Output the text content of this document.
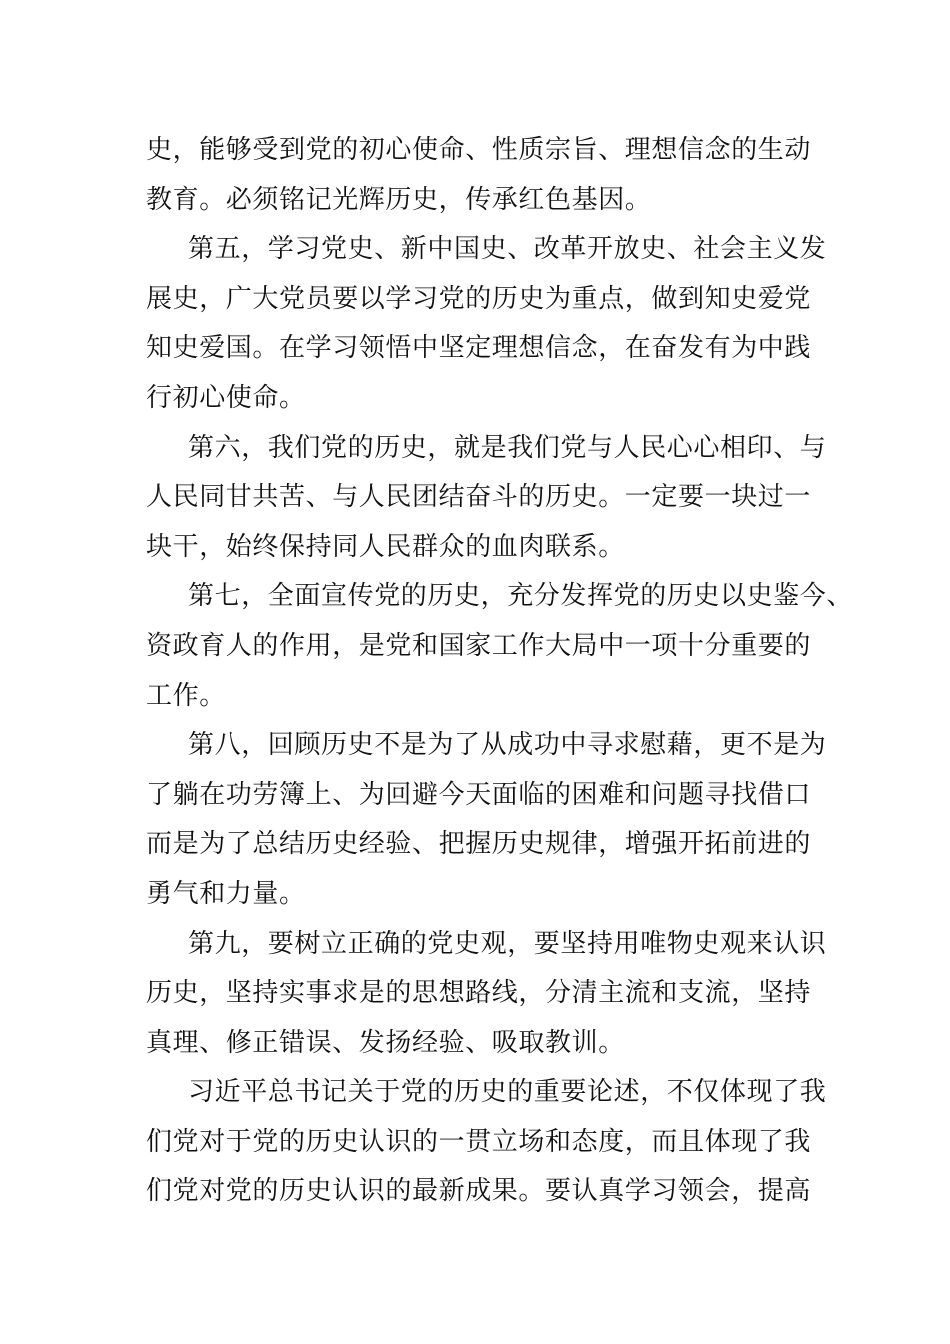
史，能够受到党的初心使命、性质宗旨、理想信念的生动
教育。必须铭记光辉历史，传承红色基因。
第五，学习党史、新中国史、改革开放史、社会主义发
展史，广大党员要以学习党的历史为重点，做到知史爱党
知史爱国。在学习领悟中坚定理想信念，在奋发有为中践
行初心使命。
第六，我们党的历史，就是我们党与人民心心相印、与
人民同甘共苦、与人民团结奋斗的历史。一定要一块过一
块干，始终保持同人民群众的血肉联系。
第七，全面宣传党的历史，充分发挥党的历史以史鉴今、
资政育人的作用，是党和国家工作大局中一项十分重要的
工作。
第八，回顾历史不是为了从成功中寻求慰藉，更不是为
了躺在功劳簿上、为回避今天面临的困难和问题寻找借口
而是为了总结历史经验、把握历史规律，增强开拓前进的
勇气和力量。
第九，要树立正确的党史观，要坚持用唯物史观来认识
历史，坚持实事求是的思想路线，分清主流和支流，坚持
真理、修正错误、发扬经验、吸取教训。
习近平总书记关于党的历史的重要论述，不仅体现了我
们党对于党的历史认识的一贯立场和态度，而且体现了我
们党对党的历史认识的最新成果。要认真学习领会，提高
